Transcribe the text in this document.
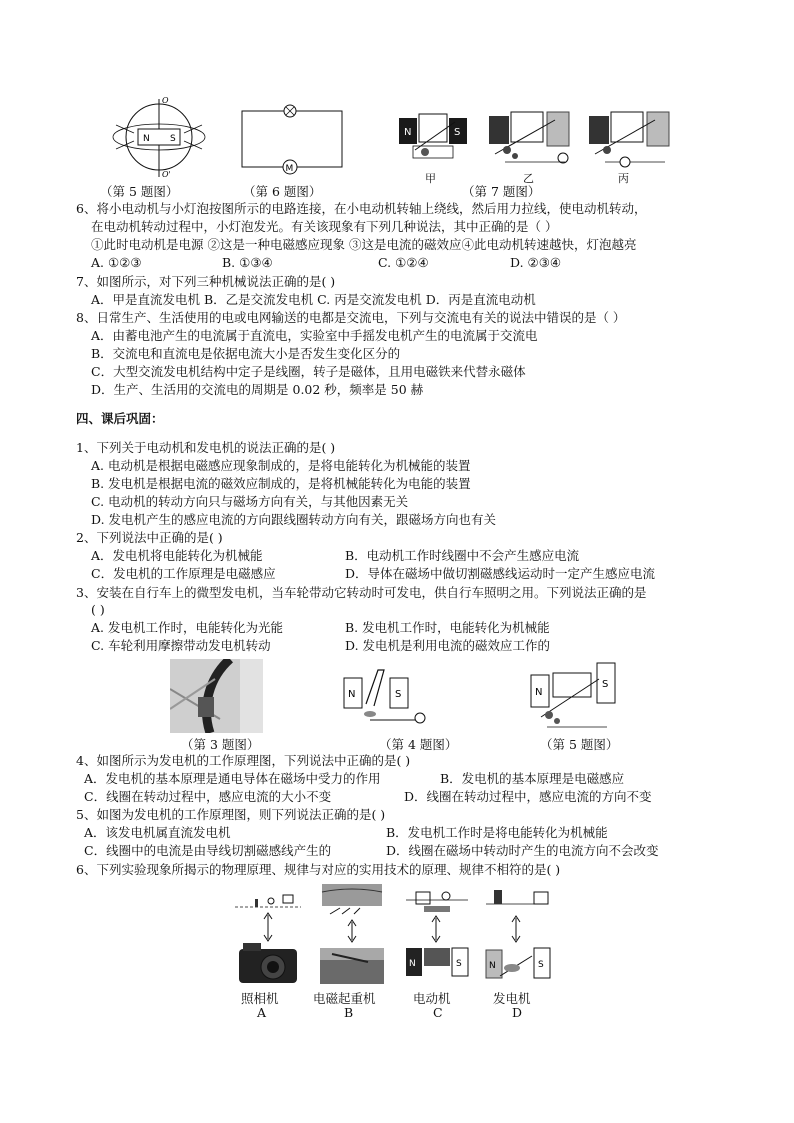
N S
O
O'
M
N	S
（第 5 题图）	（第 6 题图）
甲	乙	丙
（第 7 题图）
6、将小电动机与小灯泡按图所示的电路连接，在小电动机转轴上绕线，然后用力拉线，使电动机转动，
在电动机转动过程中，小灯泡发光。有关该现象有下列几种说法，其中正确的是（ ）
①此时电动机是电源 ②这是一种电磁感应现象 ③这是电流的磁效应④此电动机转速越快，灯泡越亮
A. ①②③	B. ①③④	C. ①②④	D. ②③④
7、如图所示，对下列三种机械说法正确的是( )
A．甲是直流发电机 B．乙是交流发电机 C. 丙是交流发电机 D．丙是直流电动机
8、日常生产、生活使用的电或电网输送的电都是交流电，下列与交流电有关的说法中错误的是（ ）
A．由蓄电池产生的电流属于直流电，实验室中手摇发电机产生的电流属于交流电
B．交流电和直流电是依据电流大小是否发生变化区分的
C．大型交流发电机结构中定子是线圈，转子是磁体，且用电磁铁来代替永磁体
D．生产、生活用的交流电的周期是 0.02 秒，频率是 50 赫
四、课后巩固：
1、下列关于电动机和发电机的说法正确的是( )
A. 电动机是根据电磁感应现象制成的，是将电能转化为机械能的装置
B. 发电机是根据电流的磁效应制成的，是将机械能转化为电能的装置
C. 电动机的转动方向只与磁场方向有关，与其他因素无关
D. 发电机产生的感应电流的方向跟线圈转动方向有关，跟磁场方向也有关
2、下列说法中正确的是( )
A．发电机将电能转化为机械能	B．电动机工作时线圈中不会产生感应电流
C．发电机的工作原理是电磁感应	D．导体在磁场中做切割磁感线运动时一定产生感应电流
3、安装在自行车上的微型发电机，当车轮带动它转动时可发电，供自行车照明之用。下列说法正确的是
( )
A. 发电机工作时，电能转化为光能	B. 发电机工作时，电能转化为机械能
C. 车轮利用摩擦带动发电机转动	D. 发电机是利用电流的磁效应工作的
N	S	N
S
（第 3 题图）	（第 4 题图）	（第 5 题图）
4、如图所示为发电机的工作原理图，下列说法中正确的是( )
A．发电机的基本原理是通电导体在磁场中受力的作用	B．发电机的基本原理是电磁感应
C．线圈在转动过程中，感应电流的大小不变	D．线圈在转动过程中，感应电流的方向不变
5、如图为发电机的工作原理图，则下列说法正确的是( )
A．该发电机属直流发电机	B．发电机工作时是将电能转化为机械能
C．线圈中的电流是由导线切割磁感线产生的	D．线圈在磁场中转动时产生的电流方向不会改变
6、下列实验现象所揭示的物理原理、规律与对应的实用技术的原理、规律不相符的是( )
N	S	N	S
照相机	电磁起重机	电动机	发电机
A	B	C	D
